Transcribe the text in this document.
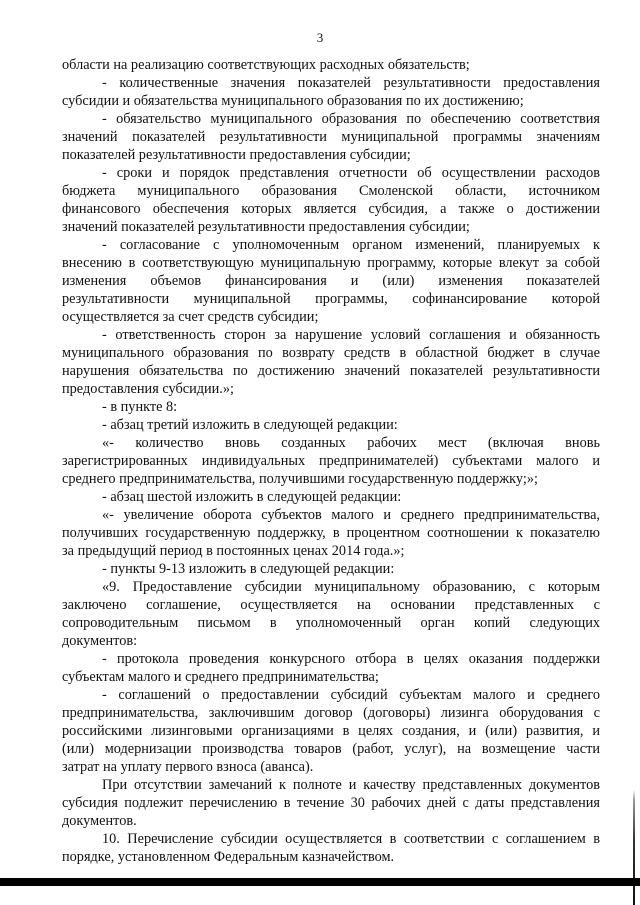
3
области на реализацию соответствующих расходных обязательств;
- количественные значения показателей результативности предоставления
субсидии и обязательства муниципального образования по их достижению;
- обязательство муниципального образования по обеспечению соответствия
значений показателей результативности муниципальной программы значениям
показателей результативности предоставления субсидии;
- сроки и порядок представления отчетности об осуществлении расходов
бюджета муниципального образования Смоленской области, источником
финансового обеспечения которых является субсидия, а также о достижении
значений показателей результативности предоставления субсидии;
- согласование с уполномоченным органом изменений, планируемых к
внесению в соответствующую муниципальную программу, которые влекут за собой
изменения объемов финансирования и (или) изменения показателей
результативности муниципальной программы, софинансирование которой
осуществляется за счет средств субсидии;
- ответственность сторон за нарушение условий соглашения и обязанность
муниципального образования по возврату средств в областной бюджет в случае
нарушения обязательства по достижению значений показателей результативности
предоставления субсидии.»;
- в пункте 8:
- абзац третий изложить в следующей редакции:
«- количество вновь созданных рабочих мест (включая вновь
зарегистрированных индивидуальных предпринимателей) субъектами малого и
среднего предпринимательства, получившими государственную поддержку;»;
- абзац шестой изложить в следующей редакции:
«- увеличение оборота субъектов малого и среднего предпринимательства,
получивших государственную поддержку, в процентном соотношении к показателю
за предыдущий период в постоянных ценах 2014 года.»;
- пункты 9-13 изложить в следующей редакции:
«9. Предоставление субсидии муниципальному образованию, с которым
заключено соглашение, осуществляется на основании представленных с
сопроводительным письмом в уполномоченный орган копий следующих
документов:
- протокола проведения конкурсного отбора в целях оказания поддержки
субъектам малого и среднего предпринимательства;
- соглашений о предоставлении субсидий субъектам малого и среднего
предпринимательства, заключившим договор (договоры) лизинга оборудования с
российскими лизинговыми организациями в целях создания, и (или) развития, и
(или) модернизации производства товаров (работ, услуг), на возмещение части
затрат на уплату первого взноса (аванса).
При отсутствии замечаний к полноте и качеству представленных документов
субсидия подлежит перечислению в течение 30 рабочих дней с даты представления
документов.
10. Перечисление субсидии осуществляется в соответствии с соглашением в
порядке, установленном Федеральным казначейством.
